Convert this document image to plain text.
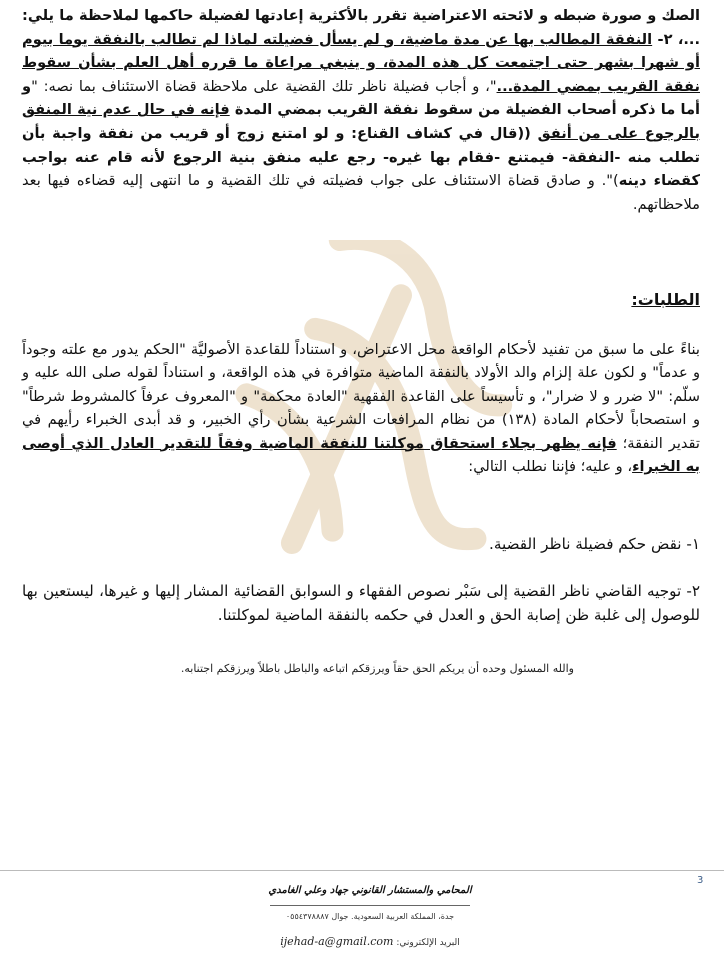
الصك و صورة ضبطه و لائحته الاعتراضية تقرر بالأكثرية إعادتها لفضيلة حاكمها لملاحظة ما يلي: ...، ٢- النفقة المطالب بها عن مدة ماضية، و لم يسأل فضيلته لماذا لم تطالب بالنفقة يوما بيوم أو شهرا بشهر حتى اجتمعت كل هذه المدة، و ينبغي مراعاة ما قرره أهل العلم بشأن سقوط نفقة القريب بمضي المدة..."، و أجاب فضيلة ناظر تلك القضية على ملاحظة قضاة الاستئناف بما نصه: "و أما ما ذكره أصحاب الفضيلة من سقوط نفقة القريب بمضي المدة فإنه في حال عدم نية المنفق بالرجوع على من أنفق ((قال في كشاف القناع: و لو امتنع زوج أو قريب من نفقة واجبة بأن تطلب منه -النفقة- فيمتنع -فقام بها غيره- رجع عليه منفق بنية الرجوع لأنه قام عنه بواجب كقضاء دينه)". و صادق قضاة الاستئناف على جواب فضيلته في تلك القضية و ما انتهى إليه قضاءه فيها بعد ملاحظاتهم.
الطلبات:
بناءً على ما سبق من تفنيد لأحكام الواقعة محل الاعتراض، و استناداً للقاعدة الأصوليَّة "الحكم يدور مع علته وجوداً و عدماً" و لكون علة إلزام والد الأولاد بالنفقة الماضية متوافرة في هذه الواقعة، و استناداً لقوله صلى الله عليه و سلّم: "لا ضرر و لا ضرار"، و تأسيساً على القاعدة الفقهية "العادة محكمة" و "المعروف عرفاً كالمشروط شرطاً" و استصحاباً لأحكام المادة (١٣٨) من نظام المرافعات الشرعية بشأن رأي الخبير، و قد أبدى الخبراء رأيهم في تقدير النفقة؛ فإنه يظهر بجلاء استحقاق موكلتنا للنفقة الماضية وفقاً للتقدير العادل الذي أوصى به الخبراء، و عليه؛ فإننا نطلب التالي:
١- نقض حكم فضيلة ناظر القضية.
٢- توجيه القاضي ناظر القضية إلى سَبْر نصوص الفقهاء و السوابق القضائية المشار إليها و غيرها، ليستعين بها للوصول إلى غلبة ظن إصابة الحق و العدل في حكمه بالنفقة الماضية لموكلتنا.
والله المسئول وحده أن يريكم الحق حقاً ويرزقكم اتباعه والباطل باطلاً ويرزقكم اجتنابه.
3
المحامي والمستشار القانوني جهاد وعلي الغامدي
جدة، المملكة العربية السعودية. جوال ٠٥٥٤٣٧٨٨٨٧
البريد الإلكتروني: ijehad-a@gmail.com
